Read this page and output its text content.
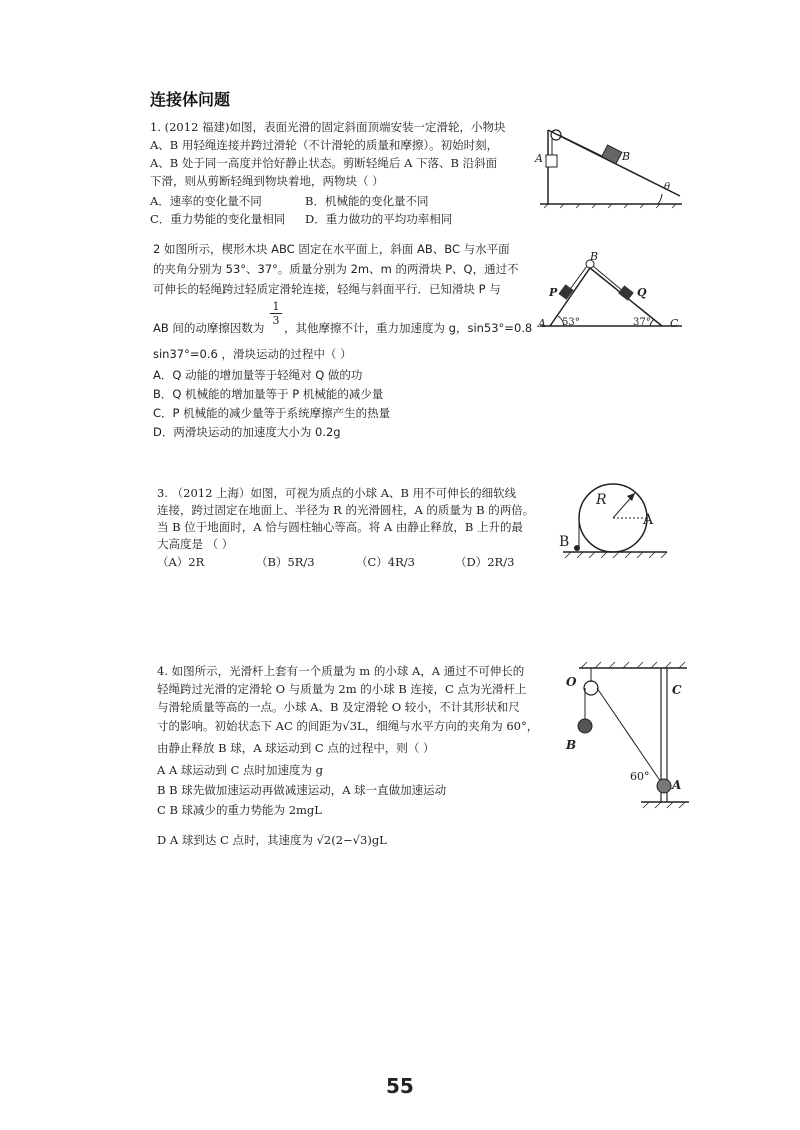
连接体问题
1. (2012 福建)如图，表面光滑的固定斜面顶端安装一定滑轮，小物块
A、B 用轻绳连接并跨过滑轮（不计滑轮的质量和摩擦）。初始时刻，
A、B 处于同一高度并恰好静止状态。剪断轻绳后 A 下落、B 沿斜面
下滑，则从剪断轻绳到物块着地，两物块（ ）
A．速率的变化量不同	B．机械能的变化量不同
C．重力势能的变化量相同 D．重力做功的平均功率相同
A	B
θ
2 如图所示，楔形木块 ABC 固定在水平面上，斜面 AB、BC 与水平面
的夹角分别为 53°、37°。质量分别为 2m、m 的两滑块 P、Q，通过不
可伸长的轻绳跨过轻质定滑轮连接，轻绳与斜面平行．已知滑块 P 与
$\frac{1}{3}$
AB 间的动摩擦因数为 ，其他摩擦不计，重力加速度为 g，sin53°=0.8
sin37°=0.6 ，滑块运动的过程中（ ）
A．Q 动能的增加量等于轻绳对 Q 做的功
B．Q 机械能的增加量等于 P 机械能的减少量
C．P 机械能的减少量等于系统摩擦产生的热量
D．两滑块运动的加速度大小为 0.2g
B
P	Q
A 53°	37° C
3. （2012 上海）如图，可视为质点的小球 A、B 用不可伸长的细软线
连接，跨过固定在地面上、半径为 R 的光滑圆柱，A 的质量为 B 的两倍。
当 B 位于地面时，A 恰与圆柱轴心等高。将 A 由静止释放，B 上升的最
大高度是 （ ）
（A）2R	（B）5R/3	（C）4R/3	（D）2R/3
R
A
B
4. 如图所示，光滑杆上套有一个质量为 m 的小球 A，A 通过不可伸长的
轻绳跨过光滑的定滑轮 O 与质量为 2m 的小球 B 连接，C 点为光滑杆上
与滑轮质量等高的一点。小球 A、B 及定滑轮 O 较小，不计其形状和尺
寸的影响。初始状态下 AC 的间距为√3L，细绳与水平方向的夹角为 60°，
由静止释放 B 球，A 球运动到 C 点的过程中，则（ ）
A A 球运动到 C 点时加速度为 g
B B 球先做加速运动再做减速运动，A 球一直做加速运动
C B 球减少的重力势能为 2mgL
D A 球到达 C 点时，其速度为 √2(2−√3)gL
O
C
B
60°
A
55
